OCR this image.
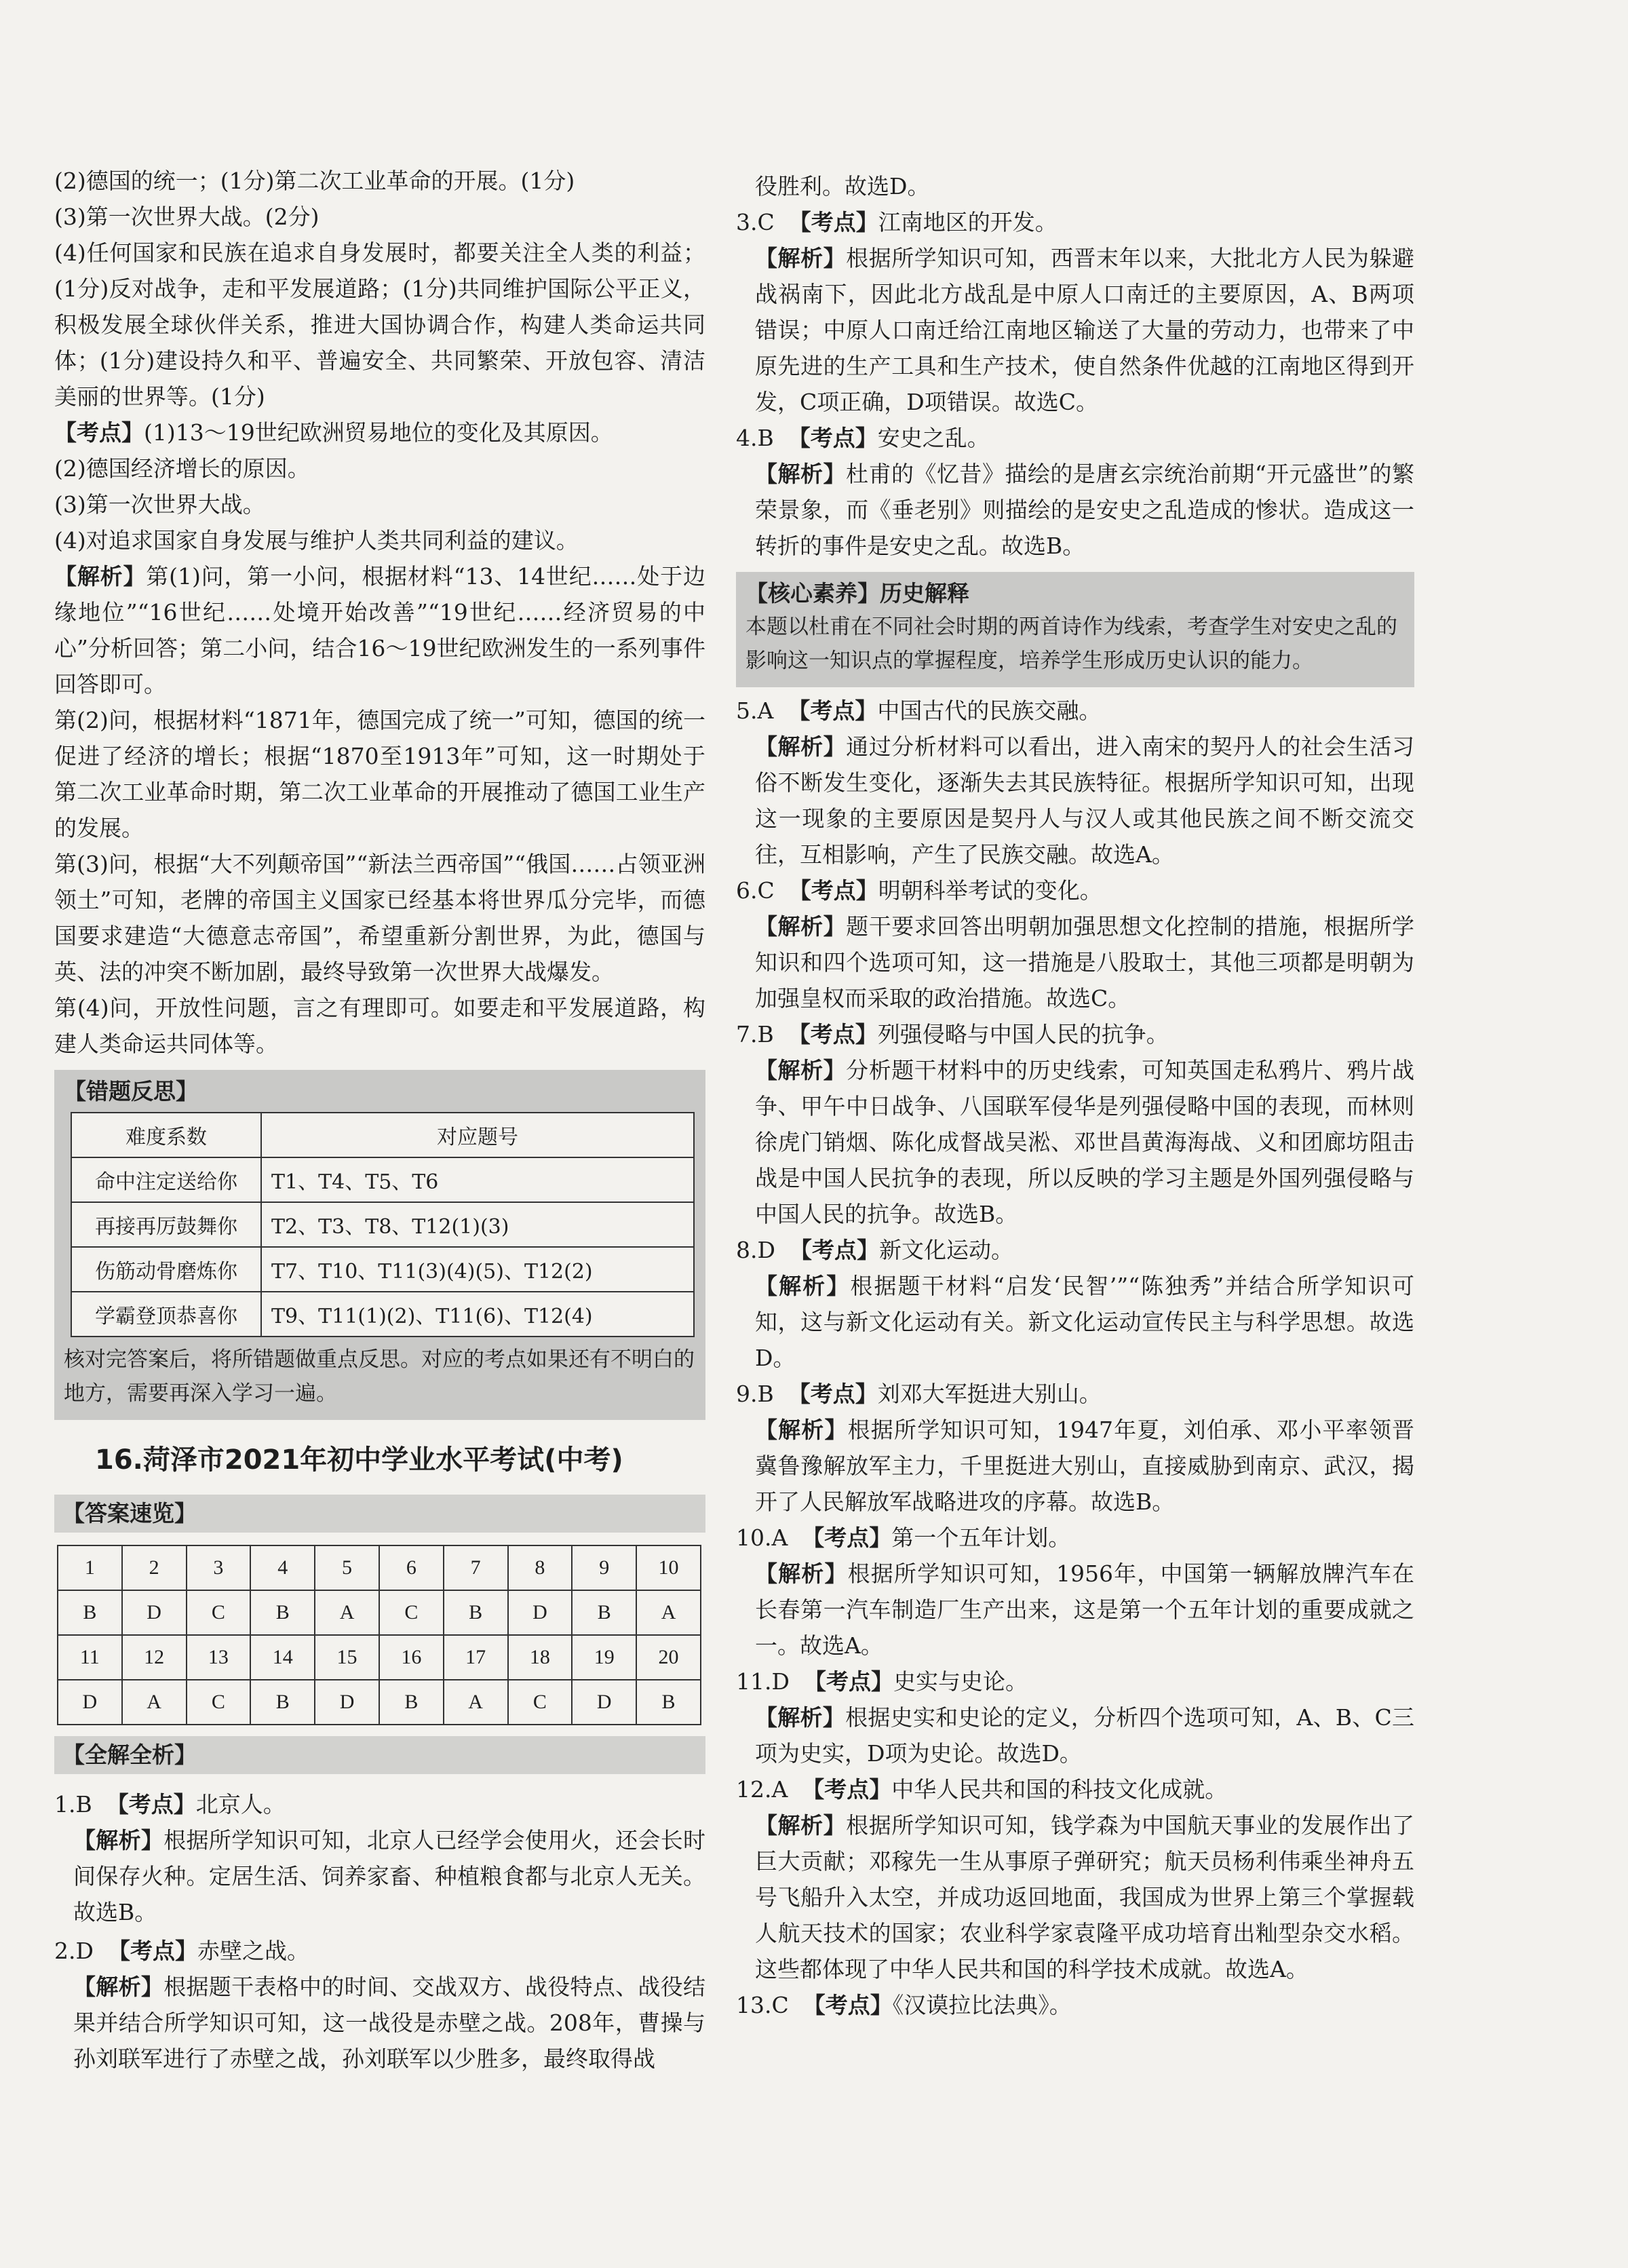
(2)德国的统一；(1分)第二次工业革命的开展。(1分)

(3)第一次世界大战。(2分)

(4)任何国家和民族在追求自身发展时，都要关注全人类的利益；(1分)反对战争，走和平发展道路；(1分)共同维护国际公平正义，积极发展全球伙伴关系，推进大国协调合作，构建人类命运共同体；(1分)建设持久和平、普遍安全、共同繁荣、开放包容、清洁美丽的世界等。(1分)

【考点】(1)13～19世纪欧洲贸易地位的变化及其原因。

(2)德国经济增长的原因。

(3)第一次世界大战。

(4)对追求国家自身发展与维护人类共同利益的建议。

【解析】第(1)问，第一小问，根据材料“13、14世纪……处于边缘地位”“16世纪……处境开始改善”“19世纪……经济贸易的中心”分析回答；第二小问，结合16～19世纪欧洲发生的一系列事件回答即可。

第(2)问，根据材料“1871年，德国完成了统一”可知，德国的统一促进了经济的增长；根据“1870至1913年”可知，这一时期处于第二次工业革命时期，第二次工业革命的开展推动了德国工业生产的发展。

第(3)问，根据“大不列颠帝国”“新法兰西帝国”“俄国……占领亚洲领土”可知，老牌的帝国主义国家已经基本将世界瓜分完毕，而德国要求建造“大德意志帝国”，希望重新分割世界，为此，德国与英、法的冲突不断加剧，最终导致第一次世界大战爆发。

第(4)问，开放性问题，言之有理即可。如要走和平发展道路，构建人类命运共同体等。

【错题反思】
难度系数	对应题号
命中注定送给你	T1、T4、T5、T6
再接再厉鼓舞你	T2、T3、T8、T12(1)(3)
伤筋动骨磨炼你	T7、T10、T11(3)(4)(5)、T12(2)
学霸登顶恭喜你	T9、T11(1)(2)、T11(6)、T12(4)
核对完答案后，将所错题做重点反思。对应的考点如果还有不明白的地方，需要再深入学习一遍。
16.菏泽市2021年初中学业水平考试(中考)
【答案速览】
1	2	3	4	5	6	7	8	9	10
B	D	C	B	A	C	B	D	B	A
11	12	13	14	15	16	17	18	19	20
D	A	C	B	D	B	A	C	D	B
【全解全析】

1.B 【考点】北京人。

【解析】根据所学知识可知，北京人已经学会使用火，还会长时间保存火种。定居生活、饲养家畜、种植粮食都与北京人无关。故选B。

2.D 【考点】赤壁之战。

【解析】根据题干表格中的时间、交战双方、战役特点、战役结果并结合所学知识可知，这一战役是赤壁之战。208年，曹操与孙刘联军进行了赤壁之战，孙刘联军以少胜多，最终取得战

役胜利。故选D。

3.C 【考点】江南地区的开发。

【解析】根据所学知识可知，西晋末年以来，大批北方人民为躲避战祸南下，因此北方战乱是中原人口南迁的主要原因，A、B两项错误；中原人口南迁给江南地区输送了大量的劳动力，也带来了中原先进的生产工具和生产技术，使自然条件优越的江南地区得到开发，C项正确，D项错误。故选C。

4.B 【考点】安史之乱。

【解析】杜甫的《忆昔》描绘的是唐玄宗统治前期“开元盛世”的繁荣景象，而《垂老别》则描绘的是安史之乱造成的惨状。造成这一转折的事件是安史之乱。故选B。

【核心素养】历史解释
本题以杜甫在不同社会时期的两首诗作为线索，考查学生对安史之乱的影响这一知识点的掌握程度，培养学生形成历史认识的能力。

5.A 【考点】中国古代的民族交融。

【解析】通过分析材料可以看出，进入南宋的契丹人的社会生活习俗不断发生变化，逐渐失去其民族特征。根据所学知识可知，出现这一现象的主要原因是契丹人与汉人或其他民族之间不断交流交往，互相影响，产生了民族交融。故选A。

6.C 【考点】明朝科举考试的变化。

【解析】题干要求回答出明朝加强思想文化控制的措施，根据所学知识和四个选项可知，这一措施是八股取士，其他三项都是明朝为加强皇权而采取的政治措施。故选C。

7.B 【考点】列强侵略与中国人民的抗争。

【解析】分析题干材料中的历史线索，可知英国走私鸦片、鸦片战争、甲午中日战争、八国联军侵华是列强侵略中国的表现，而林则徐虎门销烟、陈化成督战吴淞、邓世昌黄海海战、义和团廊坊阻击战是中国人民抗争的表现，所以反映的学习主题是外国列强侵略与中国人民的抗争。故选B。

8.D 【考点】新文化运动。

【解析】根据题干材料“启发‘民智’”“陈独秀”并结合所学知识可知，这与新文化运动有关。新文化运动宣传民主与科学思想。故选D。

9.B 【考点】刘邓大军挺进大别山。

【解析】根据所学知识可知，1947年夏，刘伯承、邓小平率领晋冀鲁豫解放军主力，千里挺进大别山，直接威胁到南京、武汉，揭开了人民解放军战略进攻的序幕。故选B。

10.A 【考点】第一个五年计划。

【解析】根据所学知识可知，1956年，中国第一辆解放牌汽车在长春第一汽车制造厂生产出来，这是第一个五年计划的重要成就之一。故选A。

11.D 【考点】史实与史论。

【解析】根据史实和史论的定义，分析四个选项可知，A、B、C三项为史实，D项为史论。故选D。

12.A 【考点】中华人民共和国的科技文化成就。

【解析】根据所学知识可知，钱学森为中国航天事业的发展作出了巨大贡献；邓稼先一生从事原子弹研究；航天员杨利伟乘坐神舟五号飞船升入太空，并成功返回地面，我国成为世界上第三个掌握载人航天技术的国家；农业科学家袁隆平成功培育出籼型杂交水稻。这些都体现了中华人民共和国的科学技术成就。故选A。

13.C 【考点】《汉谟拉比法典》。
